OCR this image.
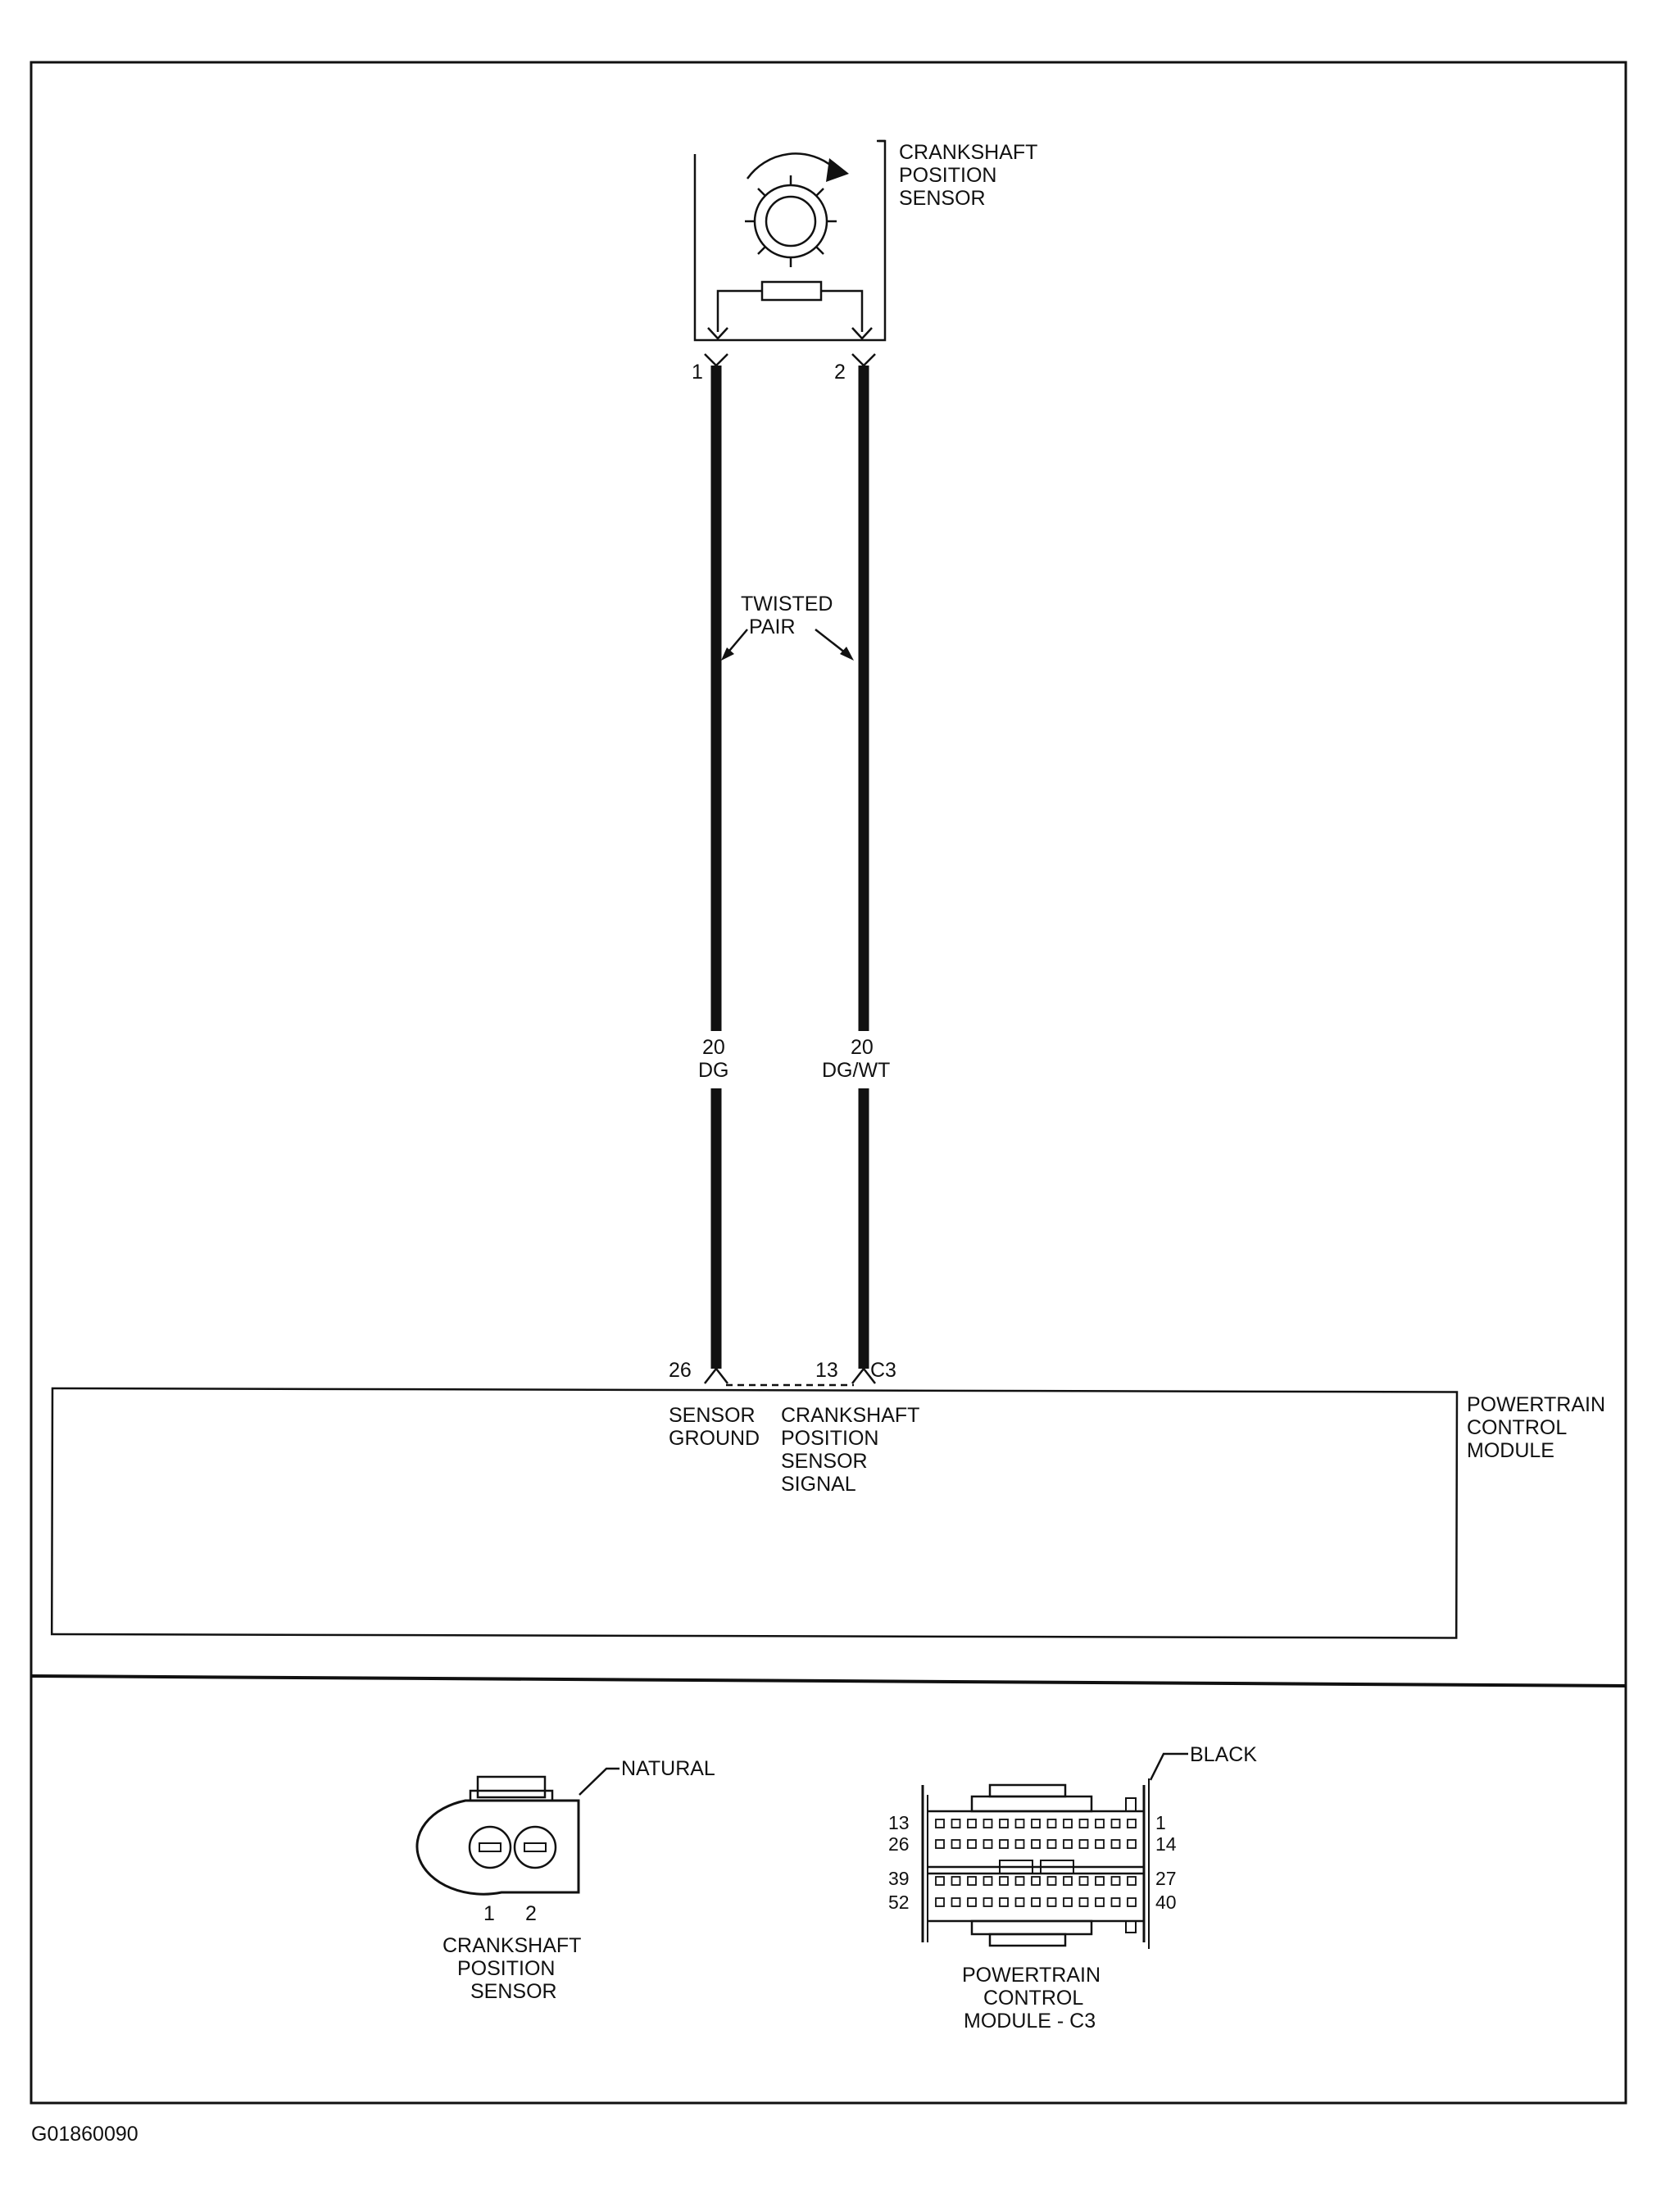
CRANKSHAFT
POSITION
SENSOR
1	2
TWISTED
PAIR
20
DG
20
DG/WT
26	13 C3
SENSOR
GROUND
CRANKSHAFT
POSITION
SENSOR
SIGNAL
POWERTRAIN
CONTROL
MODULE
NATURAL
1 2
CRANKSHAFT
POSITION
SENSOR
BLACK
13
26
39
52
1
14
27
40
POWERTRAIN
CONTROL
MODULE - C3
G01860090
